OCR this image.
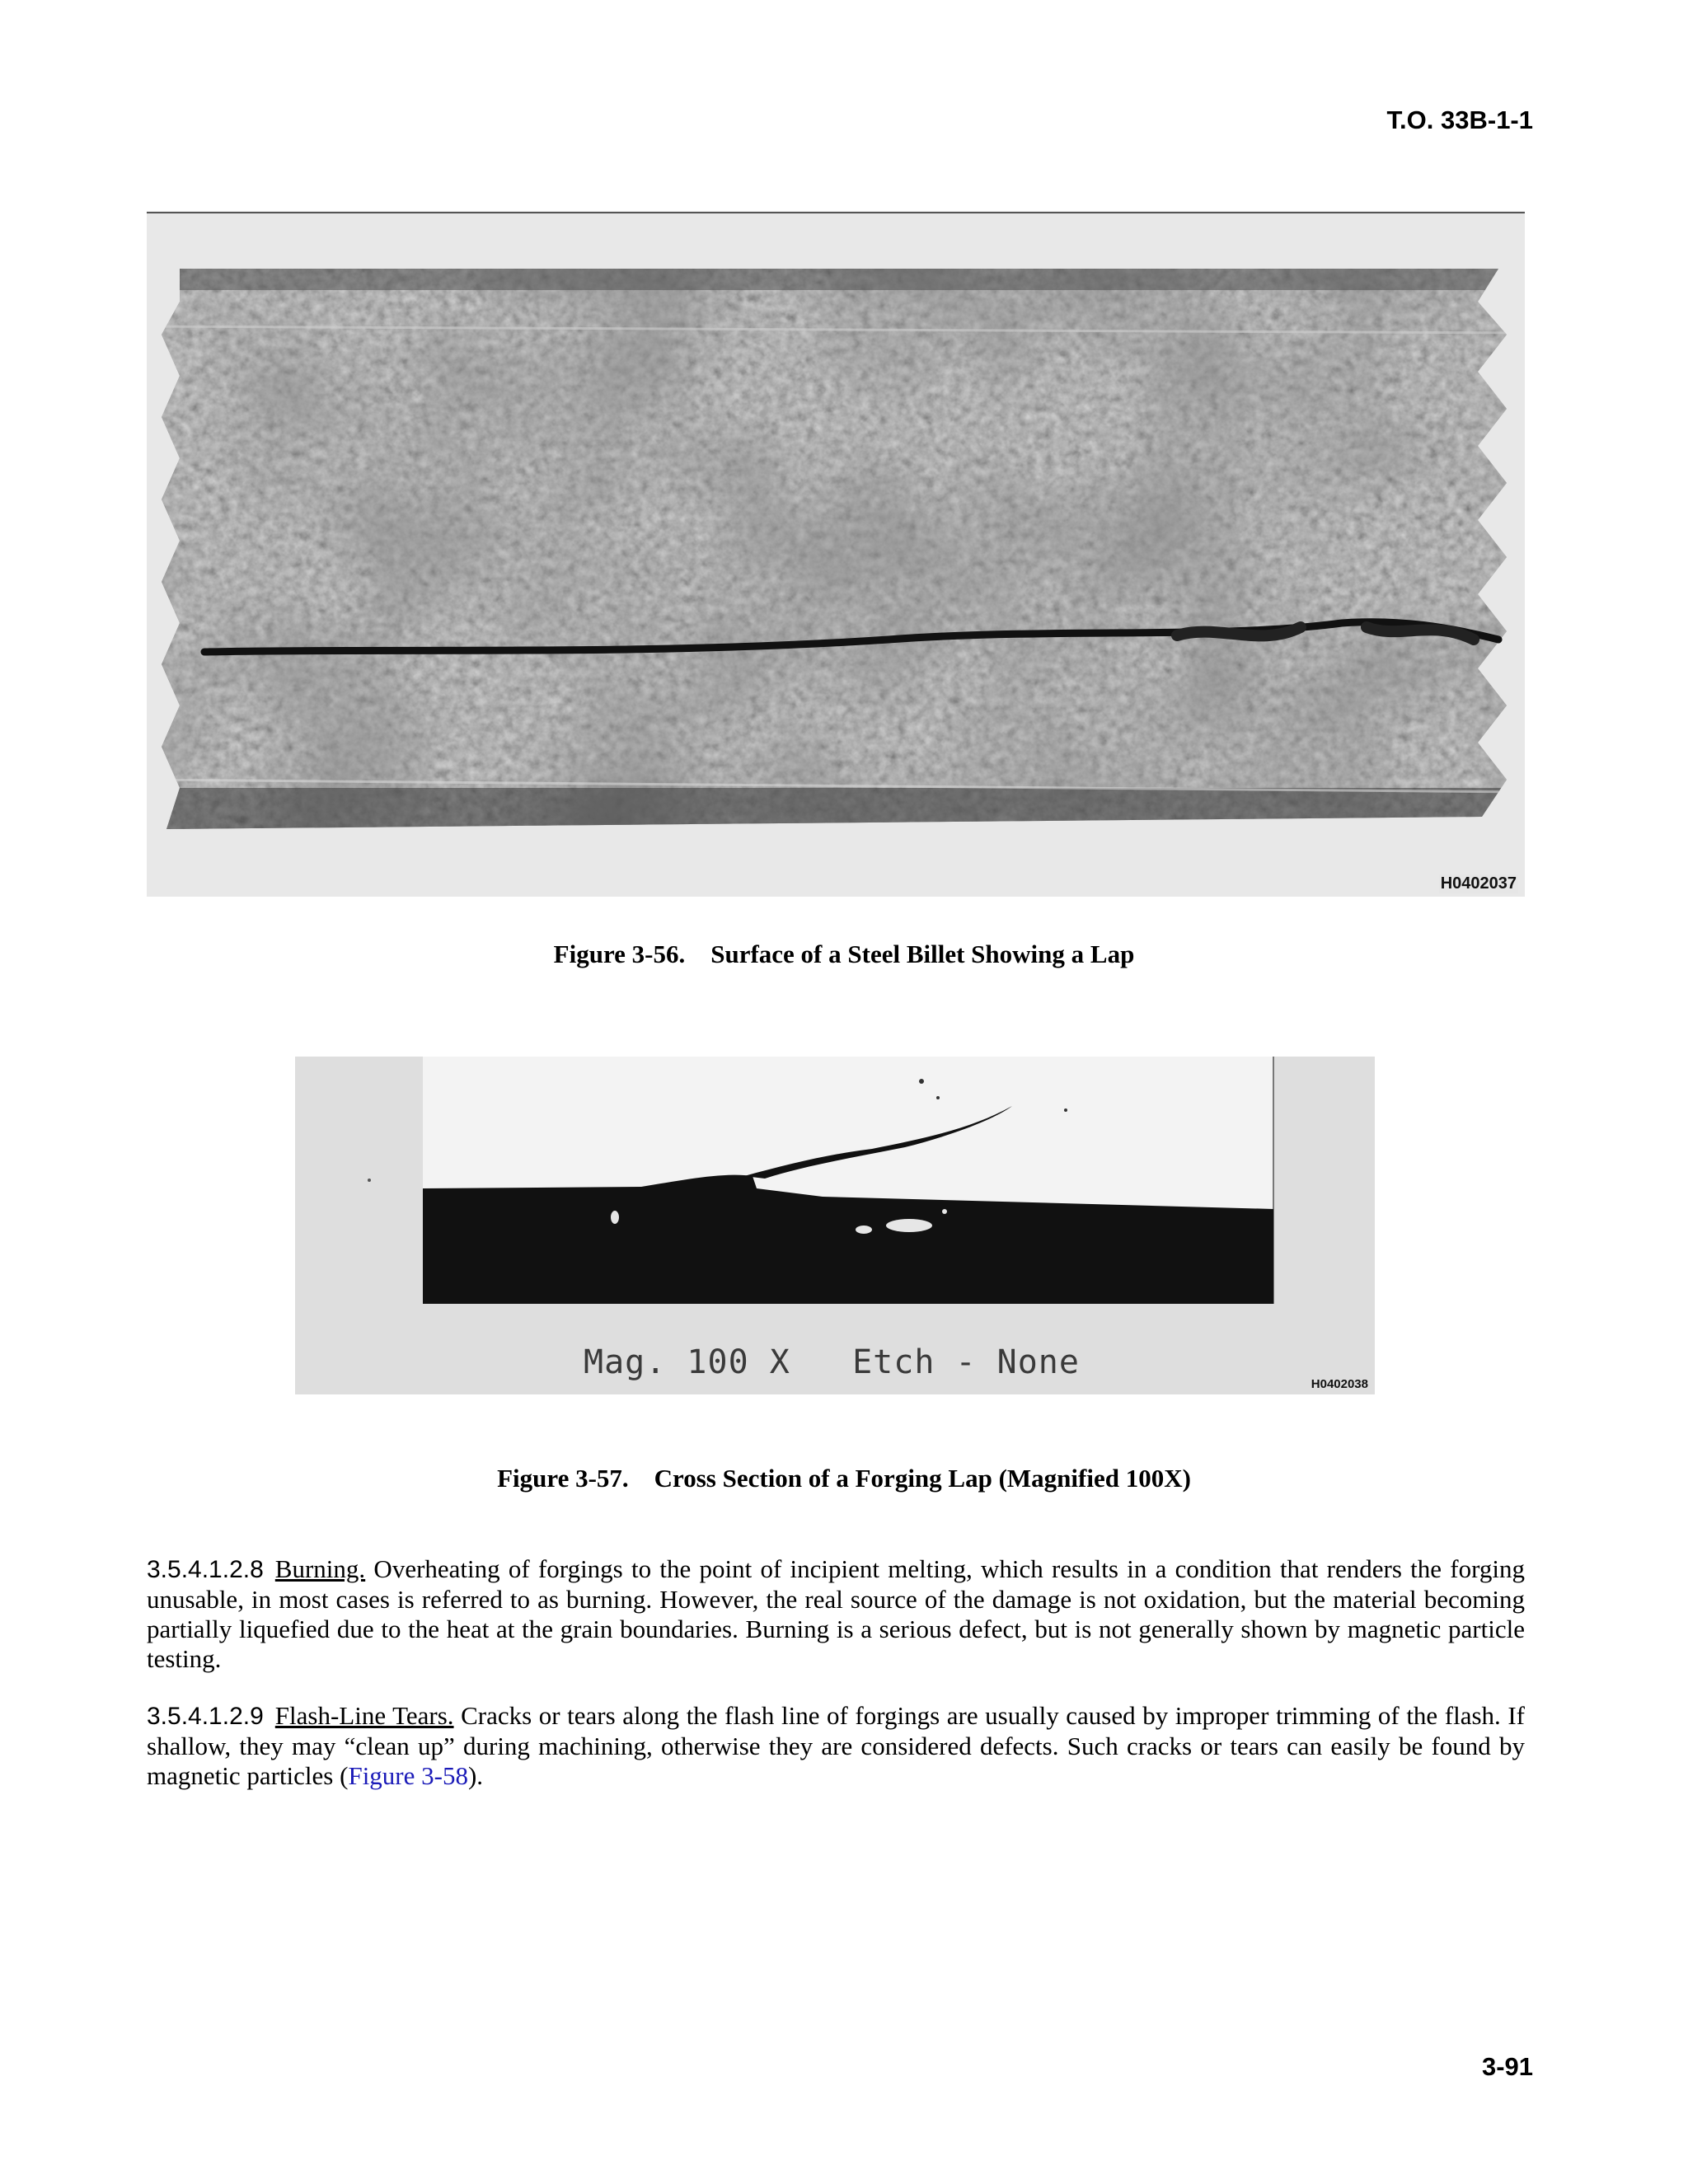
T.O. 33B-1-1
H0402037
Figure 3-56.    Surface of a Steel Billet Showing a Lap
Mag. 100 X   Etch - None
H0402038
Figure 3-57.    Cross Section of a Forging Lap (Magnified 100X)
3.5.4.1.2.8 Burning. Overheating of forgings to the point of incipient melting, which results in a condition that renders the forging unusable, in most cases is referred to as burning. However, the real source of the damage is not oxidation, but the material becoming partially liquefied due to the heat at the grain boundaries. Burning is a serious defect, but is not generally shown by magnetic particle testing.
3.5.4.1.2.9 Flash-Line Tears. Cracks or tears along the flash line of forgings are usually caused by improper trimming of the flash. If shallow, they may “clean up” during machining, otherwise they are considered defects. Such cracks or tears can easily be found by magnetic particles (Figure 3-58).
3-91
